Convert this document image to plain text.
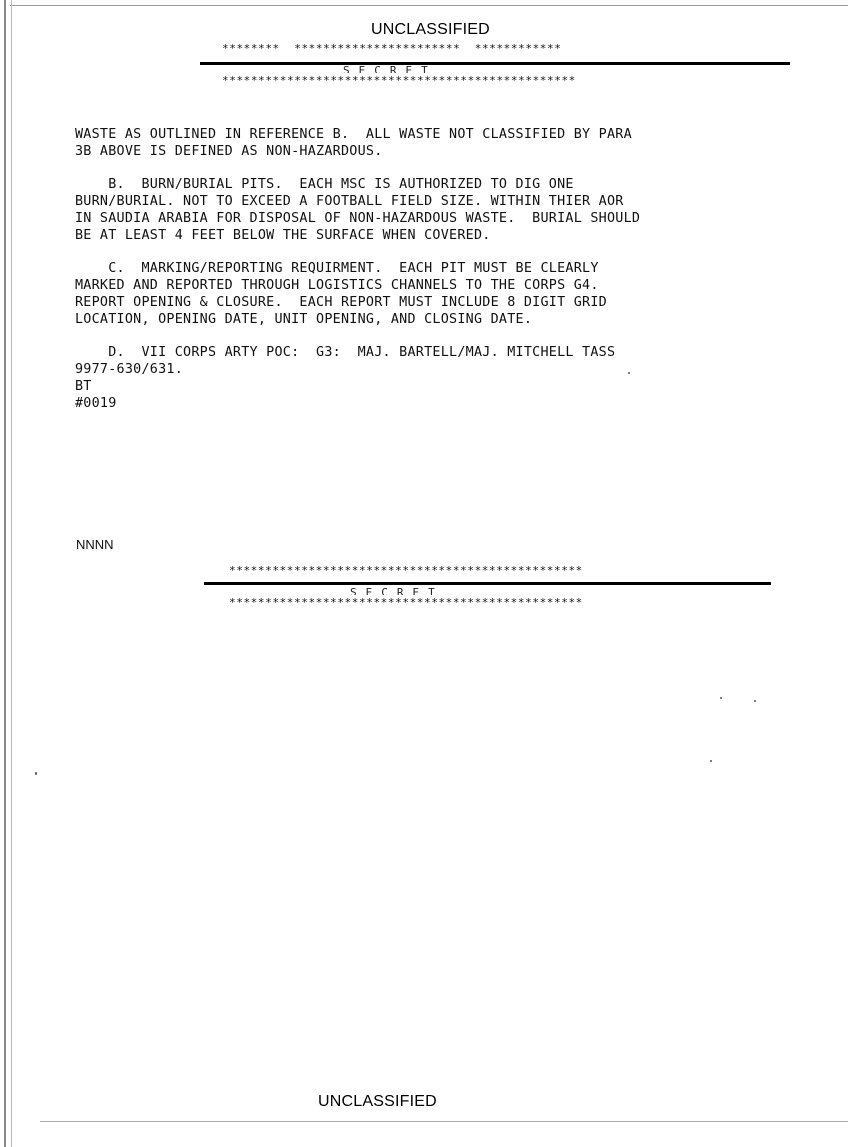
UNCLASSIFIED
********  ***********************  ************
SECRET
*************************************************

WASTE AS OUTLINED IN REFERENCE B.  ALL WASTE NOT CLASSIFIED BY PARA
3B ABOVE IS DEFINED AS NON-HAZARDOUS.

B.  BURN/BURIAL PITS.  EACH MSC IS AUTHORIZED TO DIG ONE
BURN/BURIAL. NOT TO EXCEED A FOOTBALL FIELD SIZE. WITHIN THIER AOR
IN SAUDIA ARABIA FOR DISPOSAL OF NON-HAZARDOUS WASTE.  BURIAL SHOULD
BE AT LEAST 4 FEET BELOW THE SURFACE WHEN COVERED.

C.  MARKING/REPORTING REQUIRMENT.  EACH PIT MUST BE CLEARLY
MARKED AND REPORTED THROUGH LOGISTICS CHANNELS TO THE CORPS G4.
REPORT OPENING & CLOSURE.  EACH REPORT MUST INCLUDE 8 DIGIT GRID
LOCATION, OPENING DATE, UNIT OPENING, AND CLOSING DATE.

D.  VII CORPS ARTY POC:  G3:  MAJ. BARTELL/MAJ. MITCHELL TASS
9977-630/631.

BT

#0019

NNNN
*************************************************
SECRET
*************************************************
UNCLASSIFIED
